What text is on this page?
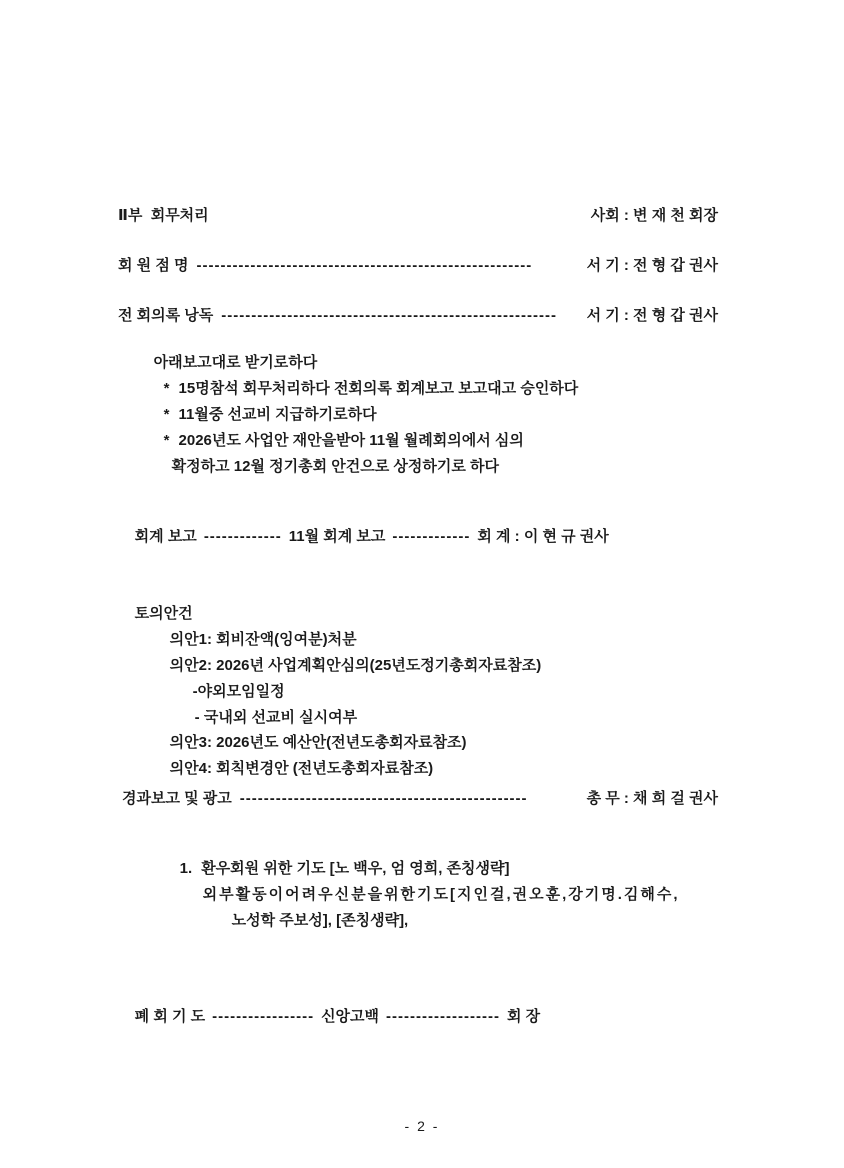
Ⅱ부  회무처리	사회 : 변 재 천 회장
회 원 점 명 --------------------------------------------------------	서 기 : 전 형 갑 권사
전 회의록 낭독 --------------------------------------------------------	서 기 : 전 형 갑 권사

아래보고대로 받기로하다

* 15명참석 회무처리하다 전회의록 회계보고 보고대고 승인하다

* 11월중 선교비 지급하기로하다

* 2026년도 사업안 재안을받아 11월 월례회의에서 심의

확정하고 12월 정기총회 안건으로 상정하기로 하다

회계 보고 ------------- 11월 회계 보고 ------------- 회 계 : 이 현 규 권사

토의안건

의안1: 회비잔액(잉여분)처분

의안2: 2026년 사업계획안심의(25년도정기총회자료참조)

-야외모임일정

- 국내외 선교비 실시여부

의안3: 2026년도 예산안(전년도총회자료참조)

의안4: 회칙변경안 (전년도총회자료참조)

경과보고 및 광고 ------------------------------------------------	총 무 : 채 희 걸 권사

1. 환우회원 위한 기도 [노 백우, 엄 영희, 존칭생략]

외부활동이어려우신분을위한기도[지인걸,권오훈,강기명.김해수,

노성학 주보성], [존칭생략],

폐 회 기 도 ----------------- 신앙고백 ------------------- 회 장

- 2 -
